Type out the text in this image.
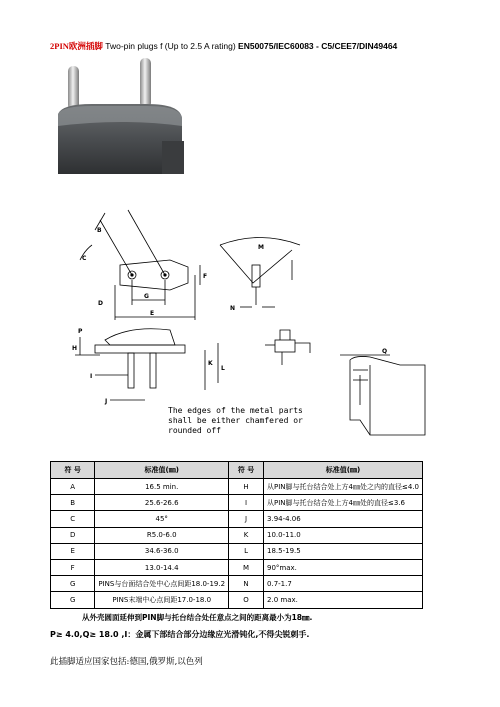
2PIN欧洲插脚 Two-pin plugs f (Up to 2.5 A rating) EN50075/IEC60083 - C5/CEE7/DIN49464
B
C
D
G
E
F
M
N
P
H
I
J
K
L
Q
The edges of the metal parts
shall be either chamfered or
rounded off
符 号	标准值(㎜)	符 号	标准值(㎜)
A	16.5 min.	H	从PIN脚与托台结合处上方4㎜处之内的直径≤4.0
B	25.6-26.6	I	从PIN脚与托台结合处上方4㎜处的直径≤3.6
C	45°	J	3.94-4.06
D	R5.0-6.0	K	10.0-11.0
E	34.6-36.0	L	18.5-19.5
F	13.0-14.4	M	90°max.
G	PINS与台面结合处中心点间距18.0-19.2	N	0.7-1.7
G	PINS末端中心点间距17.0-18.0	O	2.0 max.
从外壳圆面延伸到PIN脚与托台结合处任意点之间的距离最小为18㎜.
P≥ 4.0,Q≥ 18.0 ,I：金属下部结合部分边缘应光滑钝化,不得尖锐刺手.
此插脚适应国家包括:德国,俄罗斯,以色列
